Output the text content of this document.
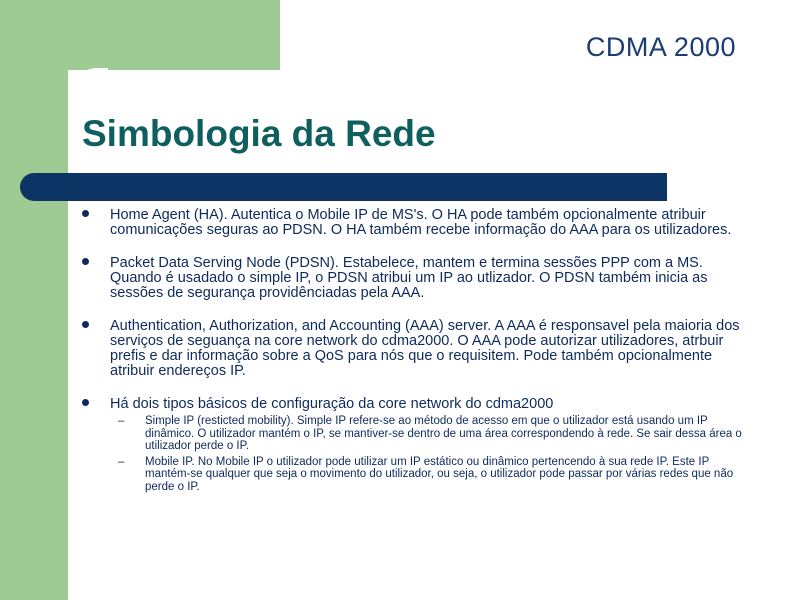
CDMA 2000
Simbologia da Rede
Home Agent (HA). Autentica o Mobile IP de MS's. O HA pode também opcionalmente atribuir comunicações seguras ao PDSN. O HA também recebe informação do AAA para os utilizadores.
Packet Data Serving Node (PDSN). Estabelece, mantem e termina sessões PPP com a MS. Quando é usadado o simple IP, o PDSN atribui um IP ao utlizador. O PDSN também inicia as sessões de segurança providênciadas pela AAA.
Authentication, Authorization, and Accounting (AAA) server. A AAA é responsavel pela maioria dos serviços de seguança na core network do cdma2000. O AAA pode autorizar utilizadores, atrbuir prefis e dar informação sobre a QoS para nós que o requisitem. Pode também opcionalmente atribuir endereços IP.
Há dois tipos básicos de configuração da core network do cdma2000
– Simple IP (resticted mobility). Simple IP refere-se ao método de acesso em que o utilizador está usando um IP dinâmico. O utilizador mantém o IP, se mantiver-se dentro de uma área correspondendo à rede. Se sair dessa área o utilizador perde o IP.
– Mobile IP. No Mobile IP o utilizador pode utilizar um IP estático ou dinâmico pertencendo à sua rede IP. Este IP mantém-se qualquer que seja o movimento do utilizador, ou seja, o utilizador pode passar por várias redes que não perde o IP.
